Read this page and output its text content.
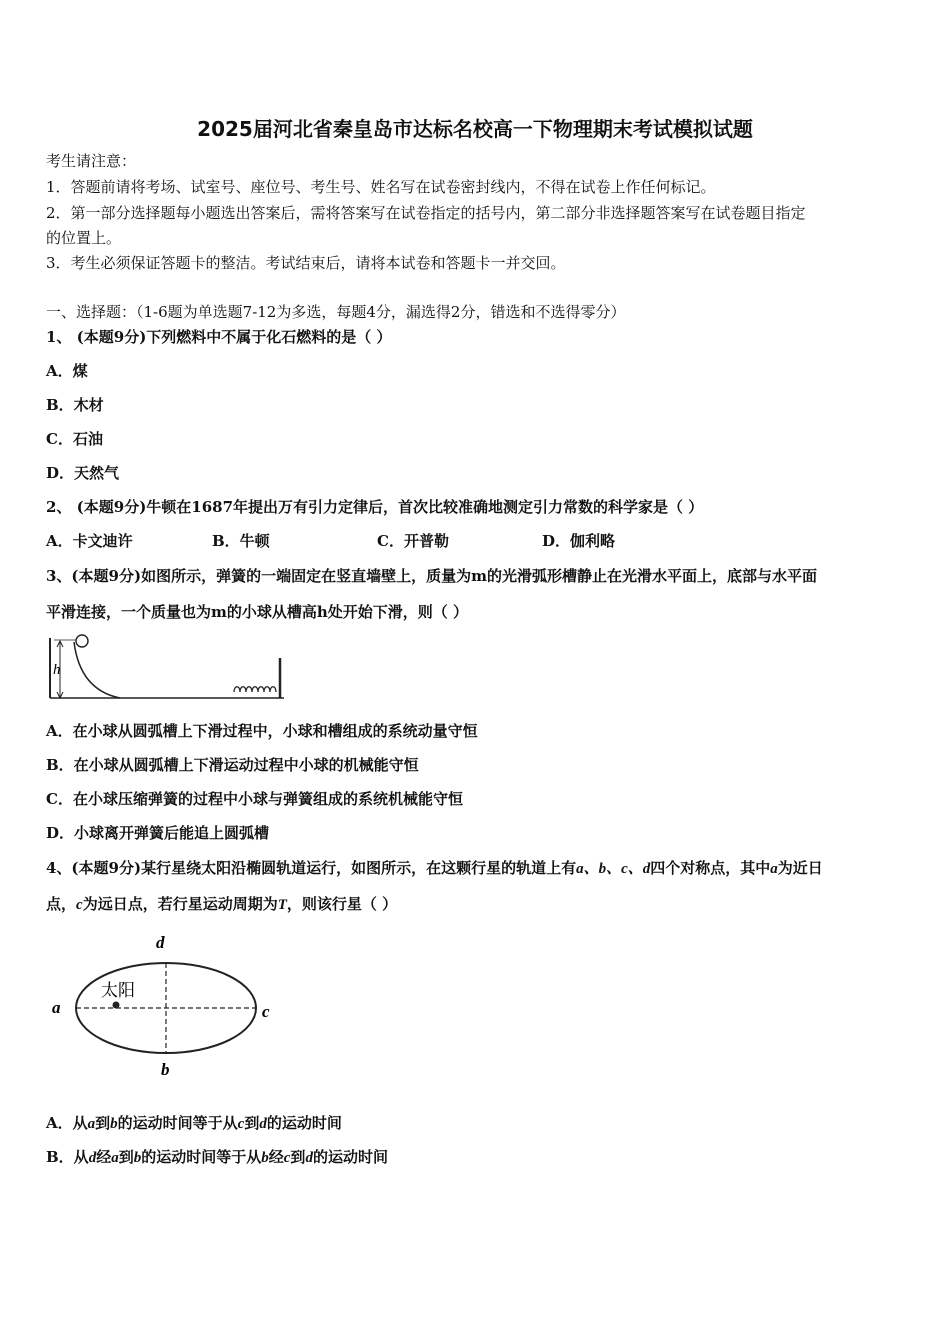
2025届河北省秦皇岛市达标名校高一下物理期末考试模拟试题
考生请注意：
1．答题前请将考场、试室号、座位号、考生号、姓名写在试卷密封线内，不得在试卷上作任何标记。
2．第一部分选择题每小题选出答案后，需将答案写在试卷指定的括号内，第二部分非选择题答案写在试卷题目指定
的位置上。
3．考生必须保证答题卡的整洁。考试结束后，请将本试卷和答题卡一并交回。
一、选择题：（1-6题为单选题7-12为多选，每题4分，漏选得2分，错选和不选得零分）
1、 (本题9分)下列燃料中不属于化石燃料的是（ ）
A．煤
B．木材
C．石油
D．天然气
2、 (本题9分)牛顿在1687年提出万有引力定律后，首次比较准确地测定引力常数的科学家是（ ）
A．卡文迪许	B．牛顿	C．开普勒	D．伽利略
3、(本题9分)如图所示，弹簧的一端固定在竖直墙壁上，质量为m的光滑弧形槽静止在光滑水平面上，底部与水平面
平滑连接，一个质量也为m的小球从槽高h处开始下滑，则（ ）
h
A．在小球从圆弧槽上下滑过程中，小球和槽组成的系统动量守恒
B．在小球从圆弧槽上下滑运动过程中小球的机械能守恒
C．在小球压缩弹簧的过程中小球与弹簧组成的系统机械能守恒
D．小球离开弹簧后能追上圆弧槽
4、(本题9分)某行星绕太阳沿椭圆轨道运行，如图所示，在这颗行星的轨道上有a、b、c、d四个对称点，其中a为近日
点，c为远日点，若行星运动周期为T，则该行星（ ）
太阳
a
b
c
d
A．从a到b的运动时间等于从c到d的运动时间
B．从d经a到b的运动时间等于从b经c到d的运动时间
